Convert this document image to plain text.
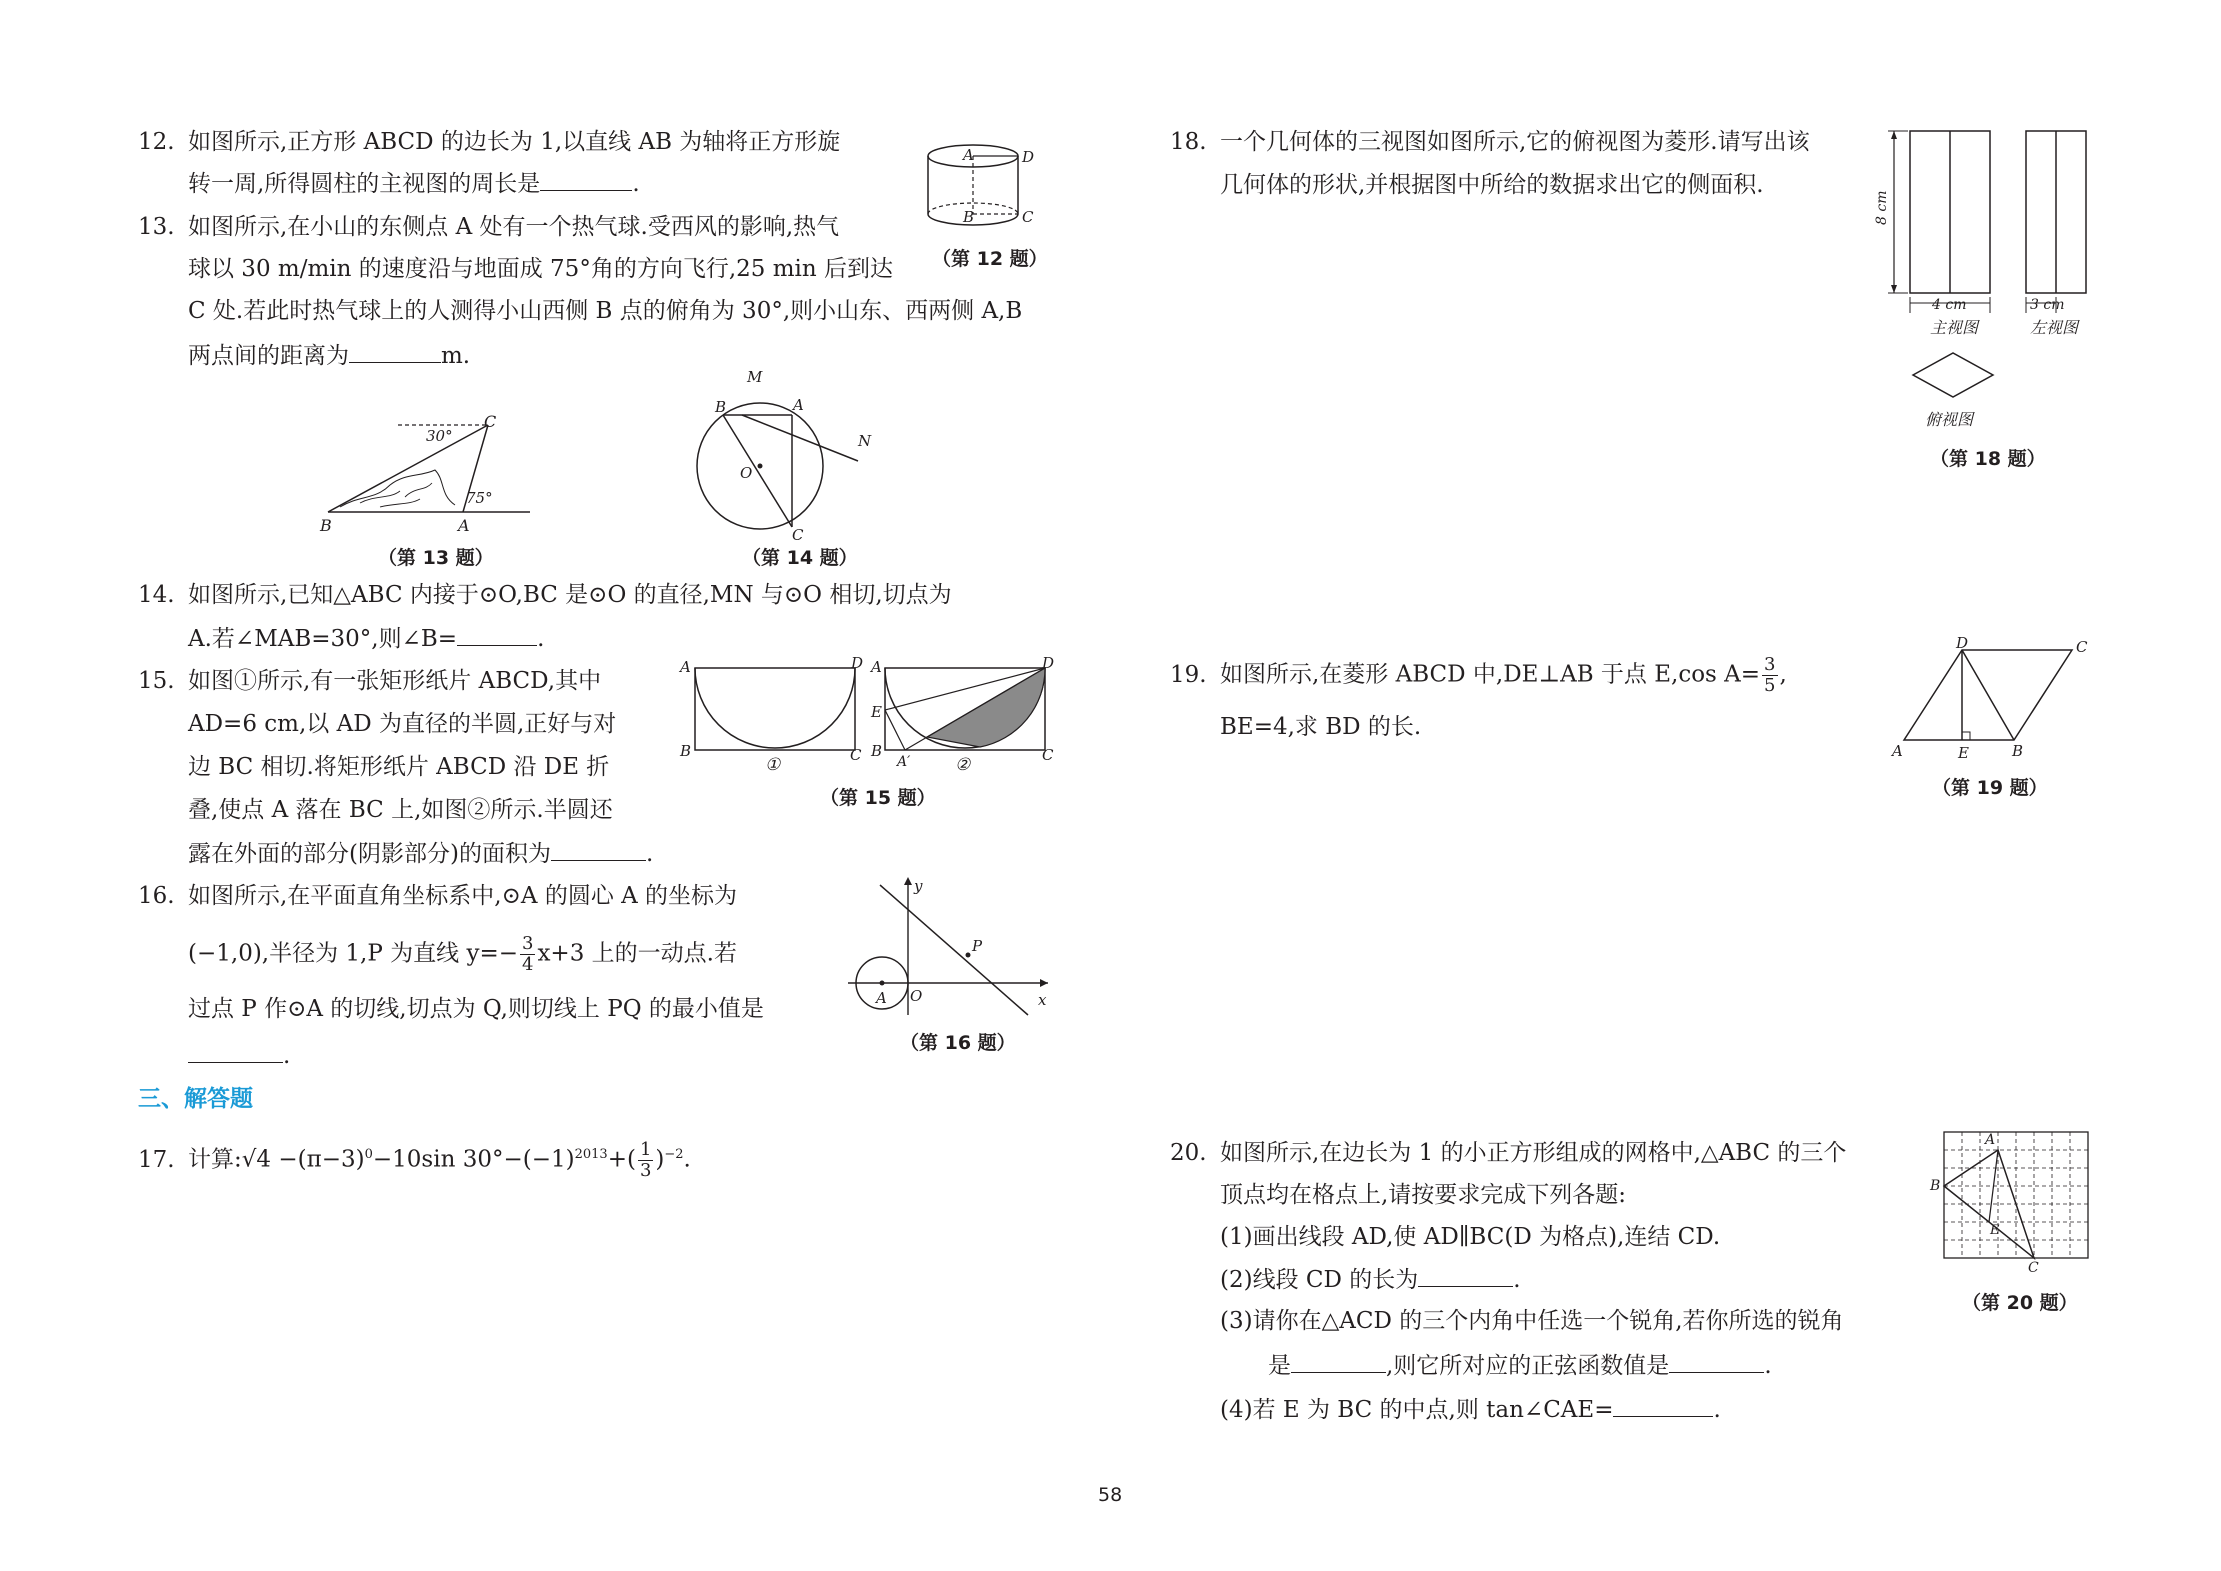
12. 如图所示,正方形 ABCD 的边长为 1,以直线 AB 为轴将正方形旋
转一周,所得圆柱的主视图的周长是	.
A	D
B	C
（第 12 题）
13. 如图所示,在小山的东侧点 A 处有一个热气球.受西风的影响,热气
球以 30 m/min 的速度沿与地面成 75°角的方向飞行,25 min 后到达
C 处.若此时热气球上的人测得小山西侧 B 点的俯角为 30°,则小山东、西两侧 A,B
两点间的距离为	m.
30°
75°
B	A
C
（第 13 题）
M
B	A
N
O
C
（第 14 题）
14. 如图所示,已知△ABC 内接于⊙O,BC 是⊙O 的直径,MN 与⊙O 相切,切点为
A.若∠MAB=30°,则∠B=	.
15. 如图①所示,有一张矩形纸片 ABCD,其中
AD=6 cm,以 AD 为直径的半圆,正好与对
边 BC 相切.将矩形纸片 ABCD 沿 DE 折
叠,使点 A 落在 BC 上,如图②所示.半圆还
露在外面的部分(阴影部分)的面积为	.
A	D
B	C
A	D
E
B
A′	C
①	②
（第 15 题）
16. 如图所示,在平面直角坐标系中,⊙A 的圆心 A 的坐标为
(−1,0),半径为 1,P 为直线 $y=- \frac{3}{4} x+3$ 上的一动点.若
过点 P 作⊙A 的切线,切点为 Q,则切线上 PQ 的最小值是
.
y
x
O
A
P
（第 16 题）
三、解答题
17. 计算:√4 $-(\pi-3)^0-10\sin$ $30^\circ-(-1)^{2013}+( \frac{1}{3} )^{-2}$.
18. 一个几何体的三视图如图所示,它的俯视图为菱形.请写出该
几何体的形状,并根据图中所给的数据求出它的侧面积.
8 cm
4 cm
主视图
3 cm
左视图
俯视图
（第 18 题）
19. 如图所示,在菱形 ABCD 中,DE⊥AB 于点 E,cos $A= \frac{3}{5}$ ,
BE=4,求 BD 的长.
D	C
A	E	B
（第 19 题）
20. 如图所示,在边长为 1 的小正方形组成的网格中,△ABC 的三个
顶点均在格点上,请按要求完成下列各题:
(1)画出线段 AD,使 AD∥BC(D 为格点),连结 CD.
(2)线段 CD 的长为	.
(3)请你在△ACD 的三个内角中任选一个锐角,若你所选的锐角
是	,则它所对应的正弦函数值是	.
(4)若 E 为 BC 的中点,则 tan∠CAE=	.
A
B
C
E
（第 20 题）
58
